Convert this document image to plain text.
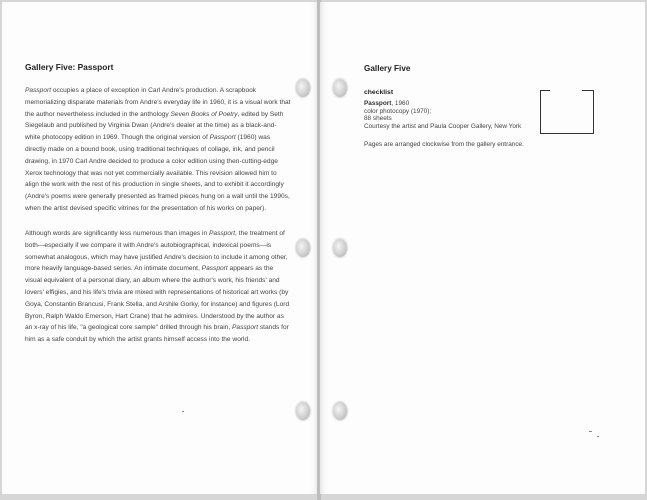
Gallery Five: Passport

Passport occupies a place of exception in Carl Andre's production. A scrapbook memorializing disparate materials from Andre's everyday life in 1960, it is a visual work that the author nevertheless included in the anthology Seven Books of Poetry, edited by Seth Siegelaub and published by Virginia Dwan (Andre's dealer at the time) as a black-and-white photocopy edition in 1969. Though the original version of Passport (1960) was directly made on a bound book, using traditional techniques of collage, ink, and pencil drawing, in 1970 Carl Andre decided to produce a color edition using then-cutting-edge Xerox technology that was not yet commercially available. This revision allowed him to align the work with the rest of his production in single sheets, and to exhibit it accordingly (Andre's poems were generally presented as framed pieces hung on a wall until the 1990s, when the artist devised specific vitrines for the presentation of his works on paper).

Although words are significantly less numerous than images in Passport, the treatment of both—especially if we compare it with Andre's autobiographical, indexical poems—is somewhat analogous, which may have justified Andre's decision to include it among other, more heavily language-based series. An intimate document, Passport appears as the visual equivalent of a personal diary, an album where the author's work, his friends' and lovers' effigies, and his life's trivia are mixed with representations of historical art works (by Goya, Constantin Brancusi, Frank Stella, and Arshile Gorky, for instance) and figures (Lord Byron, Ralph Waldo Emerson, Hart Crane) that he admires. Understood by the author as an x-ray of his life, "a geological core sample" drilled through his brain, Passport stands for him as a safe conduit by which the artist grants himself access into the world.

Gallery Five
checklist
Passport, 1960
color photocopy (1970);
88 sheets
Courtesy the artist and Paula Cooper Gallery, New York
Pages are arranged clockwise from the gallery entrance.
